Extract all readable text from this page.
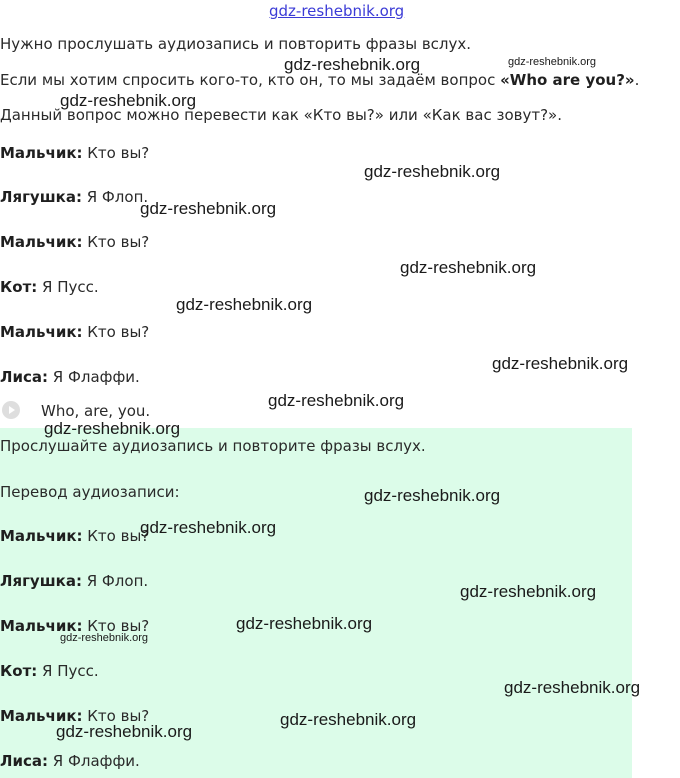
gdz-reshebnik.org
Нужно прослушать аудиозапись и повторить фразы вслух.
Если мы хотим спросить кого-то, кто он, то мы задаём вопрос «Who are you?».
Данный вопрос можно перевести как «Кто вы?» или «Как вас зовут?».
Мальчик: Кто вы?
Лягушка: Я Флоп.
Мальчик: Кто вы?
Кот: Я Пусс.
Мальчик: Кто вы?
Лиса: Я Флаффи.
Who, are, you.
Прослушайте аудиозапись и повторите фразы вслух.
Перевод аудиозаписи:
Мальчик: Кто вы?
Лягушка: Я Флоп.
Мальчик: Кто вы?
Кот: Я Пусс.
Мальчик: Кто вы?
Лиса: Я Флаффи.
gdz-reshebnik.org	gdz-reshebnik.org
gdz-reshebnik.org
gdz-reshebnik.org
gdz-reshebnik.org
gdz-reshebnik.org
gdz-reshebnik.org
gdz-reshebnik.org
gdz-reshebnik.org
gdz-reshebnik.org
gdz-reshebnik.org
gdz-reshebnik.org
gdz-reshebnik.org
gdz-reshebnik.org
gdz-reshebnik.org
gdz-reshebnik.org
gdz-reshebnik.org
gdz-reshebnik.org
